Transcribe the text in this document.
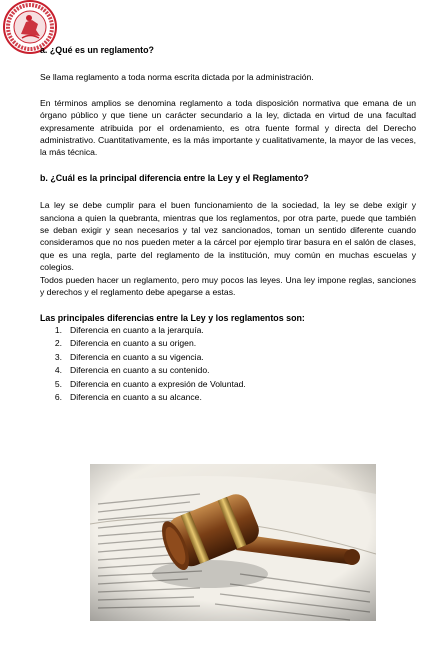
a. ¿Qué es un reglamento?

Se llama reglamento a toda norma escrita dictada por la administración.

En términos amplios se denomina reglamento a toda disposición normativa que emana de un órgano público y que tiene un carácter secundario a la ley, dictada en virtud de una facultad expresamente atribuida por el ordenamiento, es otra fuente formal y directa del Derecho administrativo. Cuantitativamente, es la más importante y cualitativamente, la mayor de las veces, la más técnica.

b. ¿Cuál es la principal diferencia entre la Ley y el Reglamento?

La ley se debe cumplir para el buen funcionamiento de la sociedad, la ley se debe exigir y sanciona a quien la quebranta, mientras que los reglamentos, por otra parte, puede que también se deban exigir y sean necesarios y tal vez sancionados, toman un sentido diferente cuando consideramos que no nos pueden meter a la cárcel por ejemplo tirar basura en el salón de clases, que es una regla, parte del reglamento de la institución, muy común en muchas escuelas y colegios.

Todos pueden hacer un reglamento, pero muy pocos las leyes. Una ley impone reglas, sanciones y derechos y el reglamento debe apegarse a estas.

Las principales diferencias entre la Ley y los reglamentos son:

1. Diferencia en cuanto a la jerarquía.
2. Diferencia en cuanto a su origen.
3. Diferencia en cuanto a su vigencia.
4. Diferencia en cuanto a su contenido.
5. Diferencia en cuanto a expresión de Voluntad.
6. Diferencia en cuanto a su alcance.
